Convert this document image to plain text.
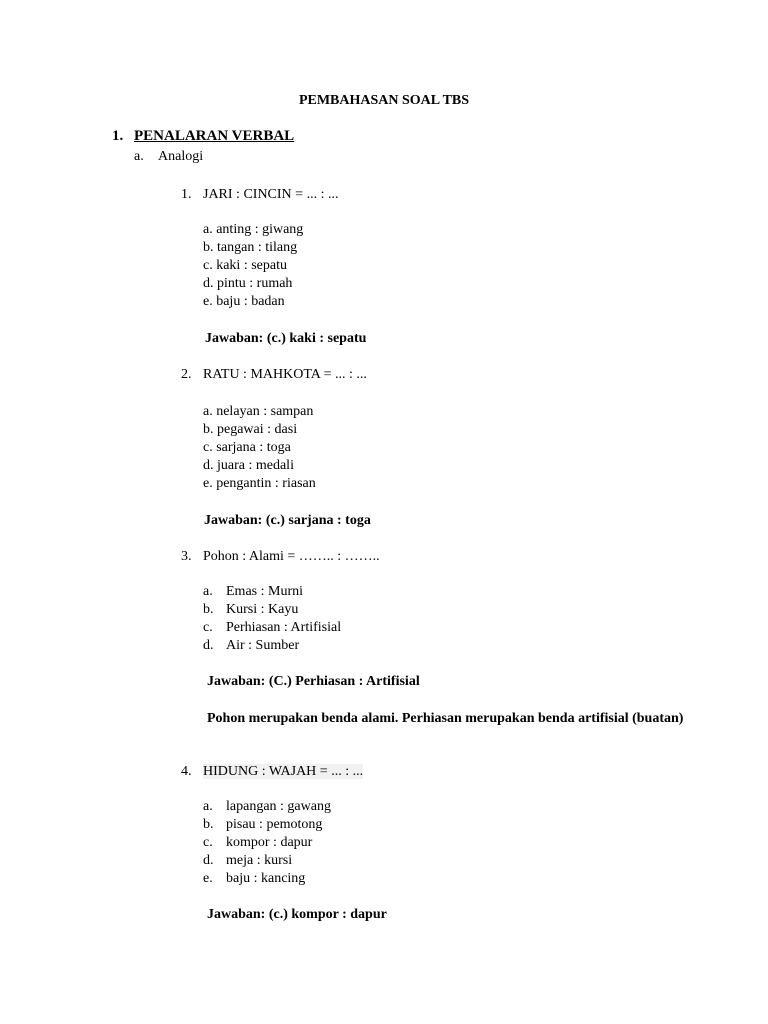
PEMBAHASAN SOAL TBS
1. PENALARAN VERBAL
a. Analogi
1. JARI : CINCIN = ... : ...
a. anting : giwang
b. tangan : tilang
c. kaki : sepatu
d. pintu : rumah
e. baju : badan
Jawaban: (c.) kaki : sepatu
2. RATU : MAHKOTA = ... : ...
a. nelayan : sampan
b. pegawai : dasi
c. sarjana : toga
d. juara : medali
e. pengantin : riasan
Jawaban: (c.) sarjana : toga
3. Pohon : Alami = …….. : ……..
a. Emas : Murni
b. Kursi : Kayu
c. Perhiasan : Artifisial
d. Air : Sumber
Jawaban: (C.) Perhiasan : Artifisial
Pohon merupakan benda alami. Perhiasan merupakan benda artifisial (buatan)
4. HIDUNG : WAJAH = ... : ...
a. lapangan : gawang
b. pisau : pemotong
c. kompor : dapur
d. meja : kursi
e. baju : kancing
Jawaban: (c.) kompor : dapur
